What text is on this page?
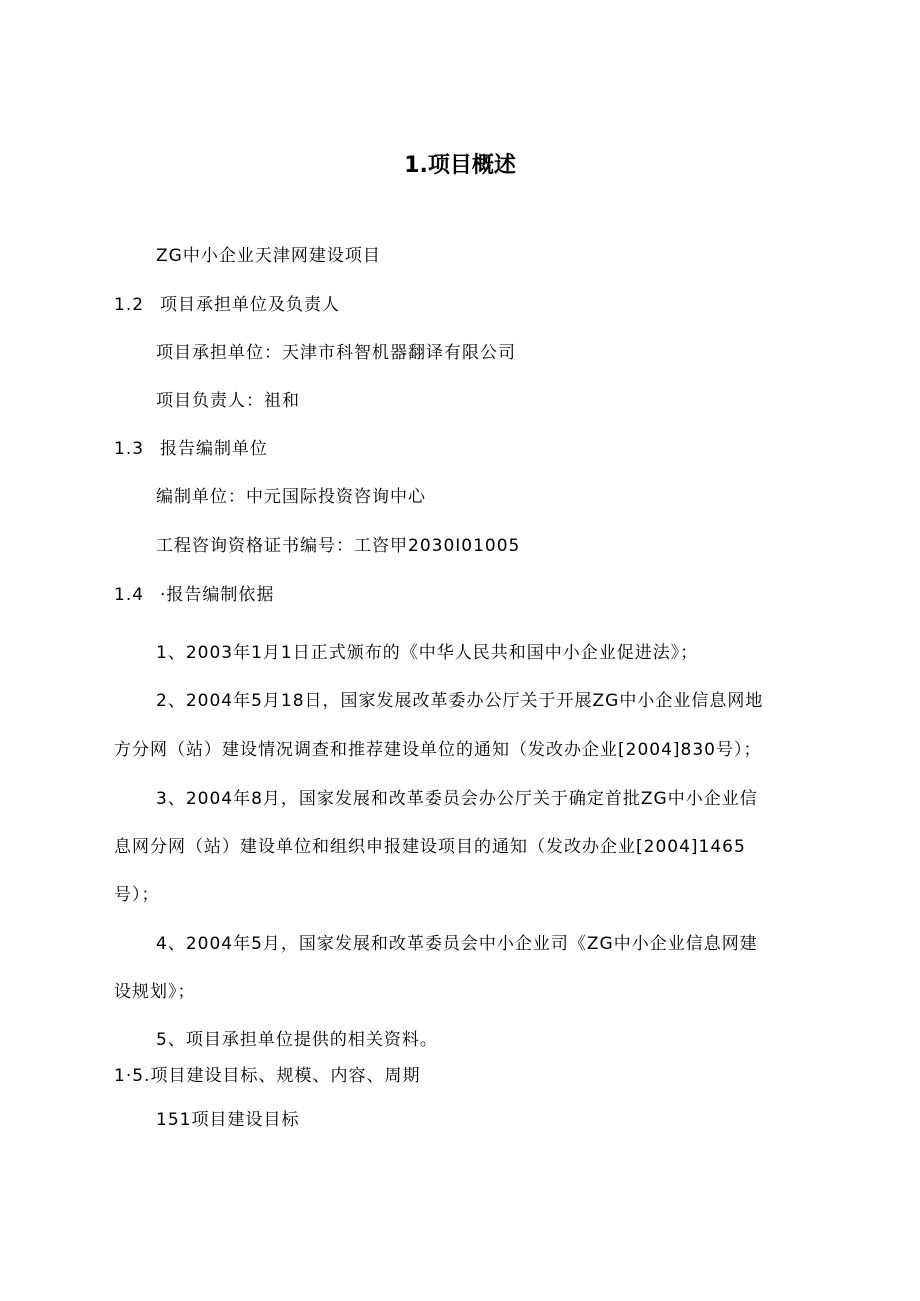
1.项目概述
ZG中小企业天津网建设项目
1.2 项目承担单位及负责人
项目承担单位：天津市科智机器翻译有限公司
项目负责人：祖和
1.3 报告编制单位
编制单位：中元国际投资咨询中心
工程咨询资格证书编号：工咨甲2030I01005
1.4 ·报告编制依据
1、2003年1月1日正式颁布的《中华人民共和国中小企业促进法》；
2、2004年5月18日，国家发展改革委办公厅关于开展ZG中小企业信息网地
方分网（站）建设情况调查和推荐建设单位的通知（发改办企业[2004]830号）；
3、2004年8月，国家发展和改革委员会办公厅关于确定首批ZG中小企业信
息网分网（站）建设单位和组织申报建设项目的通知（发改办企业[2004]1465
号）；
4、2004年5月，国家发展和改革委员会中小企业司《ZG中小企业信息网建
设规划》；
5、项目承担单位提供的相关资料。
1·5.项目建设目标、规模、内容、周期
151项目建设目标
